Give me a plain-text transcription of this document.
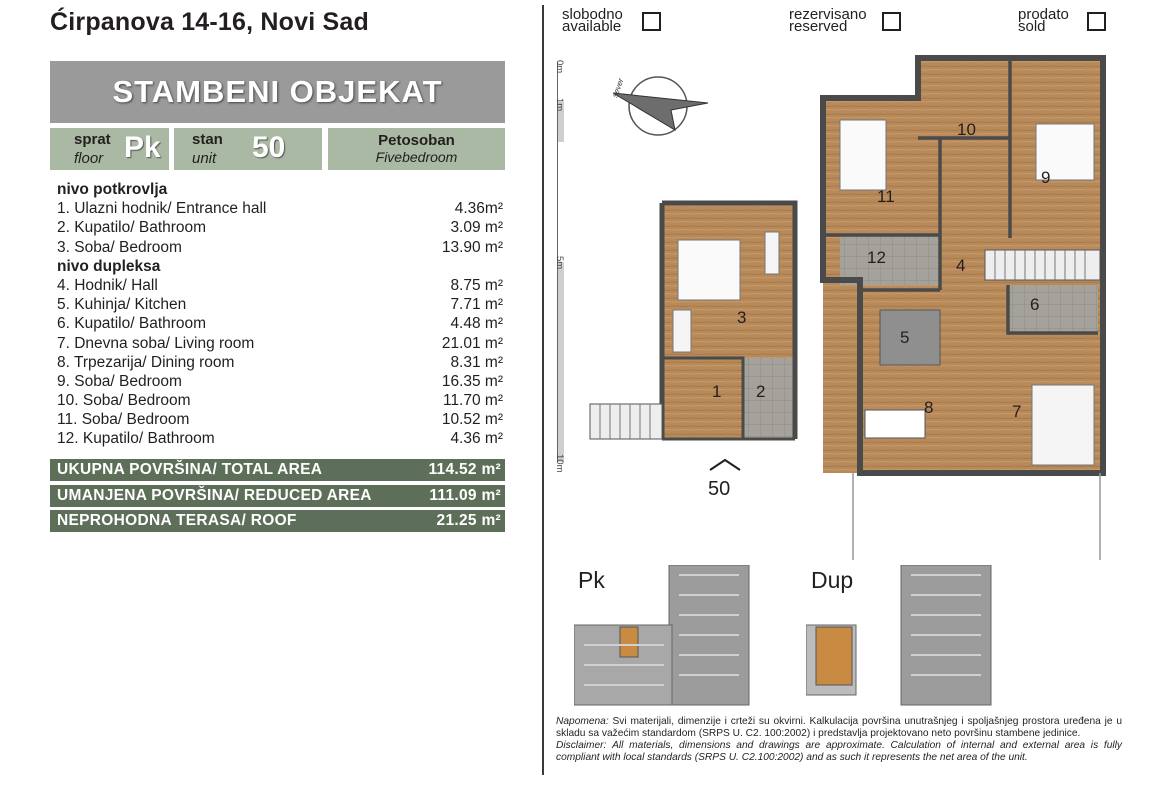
Ćirpanova 14-16, Novi Sad
STAMBENI OBJEKAT
sprat
floor Pk stan
unit 50	Petosoban
Fivebedroom
nivo potkrovlja
1. Ulazni hodnik/ Entrance hall	4.36m²
2. Kupatilo/ Bathroom	3.09 m²
3. Soba/ Bedroom	13.90 m²
nivo dupleksa
4. Hodnik/ Hall	8.75 m²
5. Kuhinja/ Kitchen	7.71 m²
6. Kupatilo/ Bathroom	4.48 m²
7. Dnevna soba/ Living room	21.01 m²
8. Trpezarija/ Dining room	8.31 m²
9. Soba/ Bedroom	16.35 m²
10. Soba/ Bedroom	11.70 m²
11. Soba/ Bedroom	10.52 m²
12. Kupatilo/ Bathroom	4.36 m²
UKUPNA POVRŠINA/ TOTAL AREA	114.52 m²
UMANJENA POVRŠINA/ REDUCED AREA	111.09 m²
NEPROHODNA TERASA/ ROOF	21.25 m²
slobodno
available
rezervisano
reserved
prodato
sold
0m
1m
5m
10m
sever
1 2
3
4
5
6
7
8
9
10
11
12
50
Pk	Dup
Napomena: Svi materijali, dimenzije i crteži su okvirni. Kalkulacija površina unutrašnjeg i spoljašnjeg prostora uređena je u skladu sa važećim standardom (SRPS U. C2. 100:2002) i predstavlja projektovano neto površinu stambene jedinice.
Disclaimer: All materials, dimensions and drawings are approximate. Calculation of internal and external area is fully compliant with local standards (SRPS U. C2.100:2002) and as such it represents the net area of the unit.
